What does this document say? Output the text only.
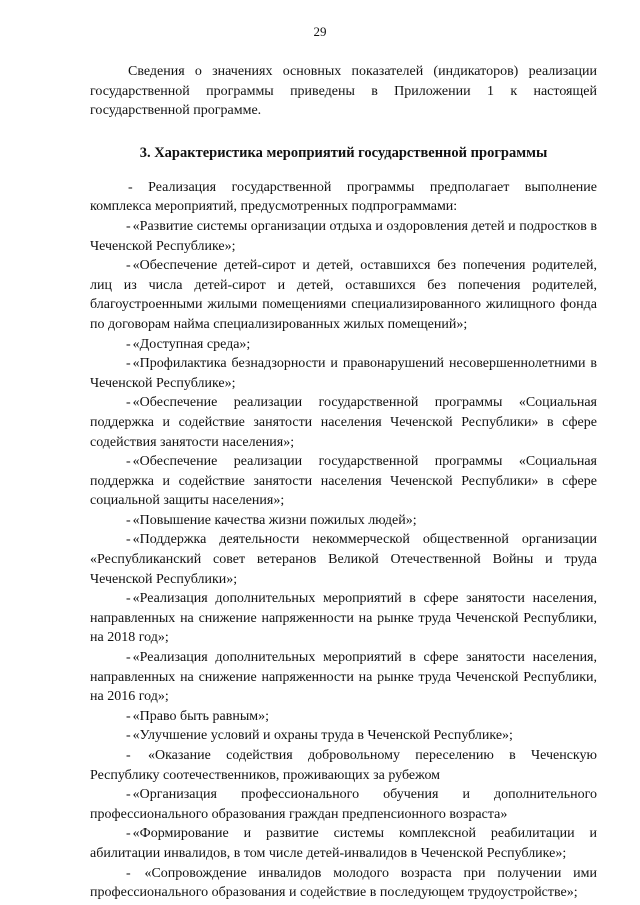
29

Сведения о значениях основных показателей (индикаторов) реализации государственной программы приведены в Приложении 1 к настоящей государственной программе.

3. Характеристика мероприятий государственной программы

- Реализация государственной программы предполагает выполнение комплекса мероприятий, предусмотренных подпрограммами:

- «Развитие системы организации отдыха и оздоровления детей и подростков в Чеченской Республике»;

- «Обеспечение детей-сирот и детей, оставшихся без попечения родителей, лиц из числа детей-сирот и детей, оставшихся без попечения родителей, благоустроенными жилыми помещениями специализированного жилищного фонда по договорам найма специализированных жилых помещений»;

- «Доступная среда»;

- «Профилактика безнадзорности и правонарушений несовершеннолетними в Чеченской Республике»;

- «Обеспечение реализации государственной программы «Социальная поддержка и содействие занятости населения Чеченской Республики» в сфере содействия занятости населения»;

- «Обеспечение реализации государственной программы «Социальная поддержка и содействие занятости населения Чеченской Республики» в сфере социальной защиты населения»;

- «Повышение качества жизни пожилых людей»;

- «Поддержка деятельности некоммерческой общественной организации «Республиканский совет ветеранов Великой Отечественной Войны и труда Чеченской Республики»;

- «Реализация дополнительных мероприятий в сфере занятости населения, направленных на снижение напряженности на рынке труда Чеченской Республики, на 2018 год»;

- «Реализация дополнительных мероприятий в сфере занятости населения, направленных на снижение напряженности на рынке труда Чеченской Республики, на 2016 год»;

- «Право быть равным»;

- «Улучшение условий и охраны труда в Чеченской Республике»;

- «Оказание содействия добровольному переселению в Чеченскую Республику соотечественников, проживающих за рубежом

- «Организация профессионального обучения и дополнительного профессионального образования граждан предпенсионного возраста»

- «Формирование и развитие системы комплексной реабилитации и абилитации инвалидов, в том числе детей-инвалидов в Чеченской Республике»;

- «Сопровождение инвалидов молодого возраста при получении ими профессионального образования и содействие в последующем трудоустройстве»;
